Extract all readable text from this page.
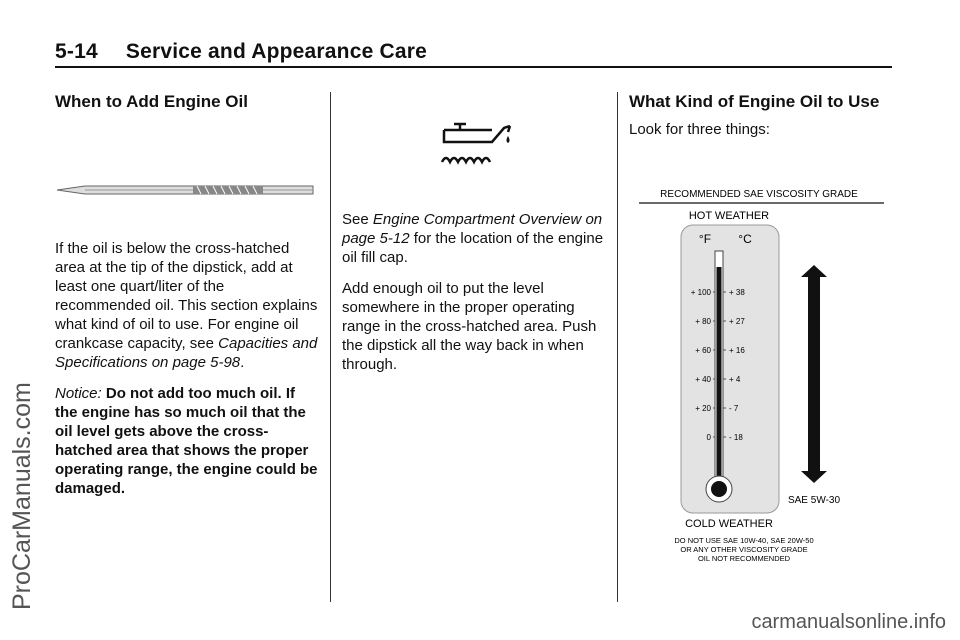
5-14 Service and Appearance Care
When to Add Engine Oil

If the oil is below the cross-hatched area at the tip of the dipstick, add at least one quart/liter of the recommended oil. This section explains what kind of oil to use. For engine oil crankcase capacity, see Capacities and Specifications on page 5-98.

Notice: Do not add too much oil. If the engine has so much oil that the oil level gets above the cross-hatched area that shows the proper operating range, the engine could be damaged.

See Engine Compartment Overview on page 5-12 for the location of the engine oil fill cap.

Add enough oil to put the level somewhere in the proper operating range in the cross-hatched area. Push the dipstick all the way back in when through.

What Kind of Engine Oil to Use

Look for three things:

RECOMMENDED SAE VISCOSITY GRADE
HOT WEATHER
°F °C
+ 100
+ 80
+ 60
+ 40
+ 20
0
+ 38
+ 27
+ 16
+ 4
- 7
- 18
SAE 5W-30
COLD WEATHER
DO NOT USE SAE 10W-40, SAE 20W-50
OR ANY OTHER VISCOSITY GRADE
OIL NOT RECOMMENDED
ProCarManuals.com
carmanualsonline.info
